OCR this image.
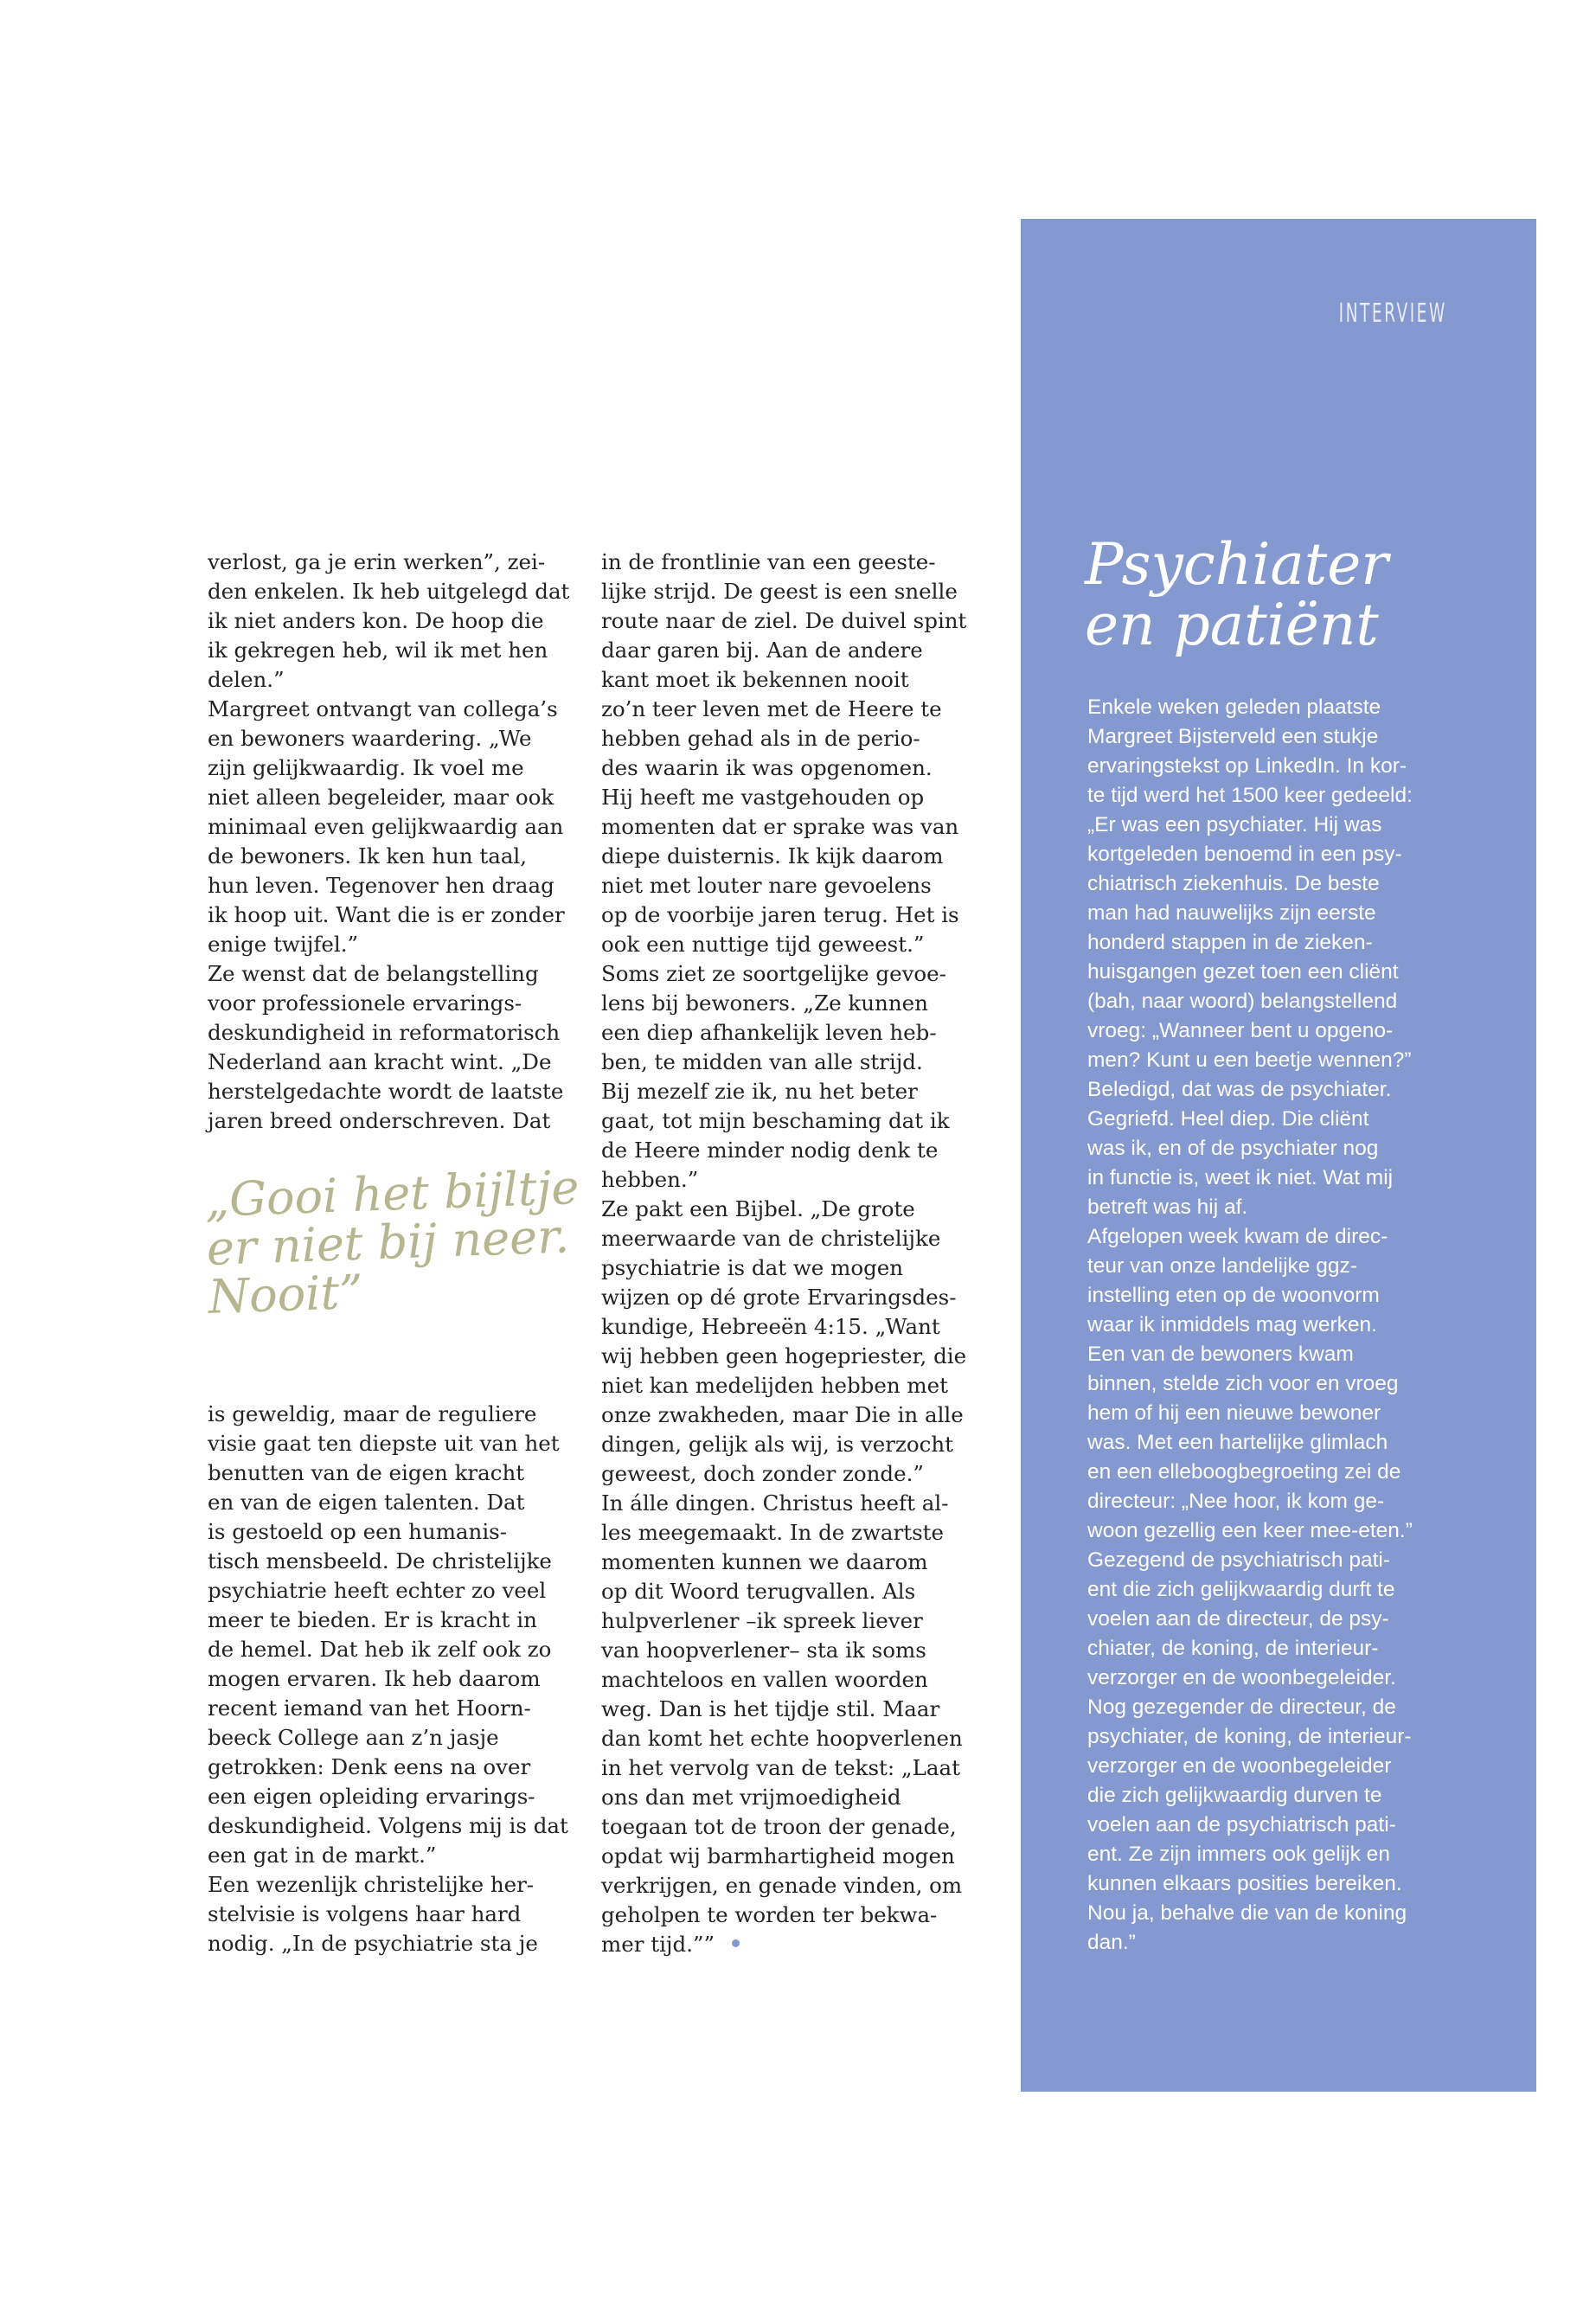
INTERVIEW
verlost, ga je erin werken”, zei-
den enkelen. Ik heb uitgelegd dat
ik niet anders kon. De hoop die
ik gekregen heb, wil ik met hen
delen.”
Margreet ontvangt van collega’s
en bewoners waardering. „We
zijn gelijkwaardig. Ik voel me
niet alleen begeleider, maar ook
minimaal even gelijkwaardig aan
de bewoners. Ik ken hun taal,
hun leven. Tegenover hen draag
ik hoop uit. Want die is er zonder
enige twijfel.”
Ze wenst dat de belangstelling
voor professionele ervarings-
deskundigheid in reformatorisch
Nederland aan kracht wint. „De
herstelgedachte wordt de laatste
jaren breed onderschreven. Dat
„Gooi het bijltje
er niet bij neer.
Nooit”
is geweldig, maar de reguliere
visie gaat ten diepste uit van het
benutten van de eigen kracht
en van de eigen talenten. Dat
is gestoeld op een humanis-
tisch mensbeeld. De christelijke
psychiatrie heeft echter zo veel
meer te bieden. Er is kracht in
de hemel. Dat heb ik zelf ook zo
mogen ervaren. Ik heb daarom
recent iemand van het Hoorn-
beeck College aan z’n jasje
getrokken: Denk eens na over
een eigen opleiding ervarings-
deskundigheid. Volgens mij is dat
een gat in de markt.”
Een wezenlijk christelijke her-
stelvisie is volgens haar hard
nodig. „In de psychiatrie sta je
in de frontlinie van een geeste-
lijke strijd. De geest is een snelle
route naar de ziel. De duivel spint
daar garen bij. Aan de andere
kant moet ik bekennen nooit
zo’n teer leven met de Heere te
hebben gehad als in de perio-
des waarin ik was opgenomen.
Hij heeft me vastgehouden op
momenten dat er sprake was van
diepe duisternis. Ik kijk daarom
niet met louter nare gevoelens
op de voorbije jaren terug. Het is
ook een nuttige tijd geweest.”
Soms ziet ze soortgelijke gevoe-
lens bij bewoners. „Ze kunnen
een diep afhankelijk leven heb-
ben, te midden van alle strijd.
Bij mezelf zie ik, nu het beter
gaat, tot mijn beschaming dat ik
de Heere minder nodig denk te
hebben.”
Ze pakt een Bijbel. „De grote
meerwaarde van de christelijke
psychiatrie is dat we mogen
wijzen op dé grote Ervaringsdes-
kundige, Hebreeën 4:15. „Want
wij hebben geen hogepriester, die
niet kan medelijden hebben met
onze zwakheden, maar Die in alle
dingen, gelijk als wij, is verzocht
geweest, doch zonder zonde.”
In álle dingen. Christus heeft al-
les meegemaakt. In de zwartste
momenten kunnen we daarom
op dit Woord terugvallen. Als
hulpverlener –ik spreek liever
van hoopverlener– sta ik soms
machteloos en vallen woorden
weg. Dan is het tijdje stil. Maar
dan komt het echte hoopverlenen
in het vervolg van de tekst: „Laat
ons dan met vrijmoedigheid
toegaan tot de troon der genade,
opdat wij barmhartigheid mogen
verkrijgen, en genade vinden, om
geholpen te worden ter bekwa-
mer tijd.””
Psychiater
en patiënt
Enkele weken geleden plaatste
Margreet Bijsterveld een stukje
ervaringstekst op LinkedIn. In kor-
te tijd werd het 1500 keer gedeeld:
„Er was een psychiater. Hij was
kortgeleden benoemd in een psy-
chiatrisch ziekenhuis. De beste
man had nauwelijks zijn eerste
honderd stappen in de zieken-
huisgangen gezet toen een cliënt
(bah, naar woord) belangstellend
vroeg: „Wanneer bent u opgeno-
men? Kunt u een beetje wennen?”
Beledigd, dat was de psychiater.
Gegriefd. Heel diep. Die cliënt
was ik, en of de psychiater nog
in functie is, weet ik niet. Wat mij
betreft was hij af.
Afgelopen week kwam de direc-
teur van onze landelijke ggz-
instelling eten op de woonvorm
waar ik inmiddels mag werken.
Een van de bewoners kwam
binnen, stelde zich voor en vroeg
hem of hij een nieuwe bewoner
was. Met een hartelijke glimlach
en een elleboogbegroeting zei de
directeur: „Nee hoor, ik kom ge-
woon gezellig een keer mee-eten.”
Gezegend de psychiatrisch pati-
ent die zich gelijkwaardig durft te
voelen aan de directeur, de psy-
chiater, de koning, de interieur-
verzorger en de woonbegeleider.
Nog gezegender de directeur, de
psychiater, de koning, de interieur-
verzorger en de woonbegeleider
die zich gelijkwaardig durven te
voelen aan de psychiatrisch pati-
ent. Ze zijn immers ook gelijk en
kunnen elkaars posities bereiken.
Nou ja, behalve die van de koning
dan.”
